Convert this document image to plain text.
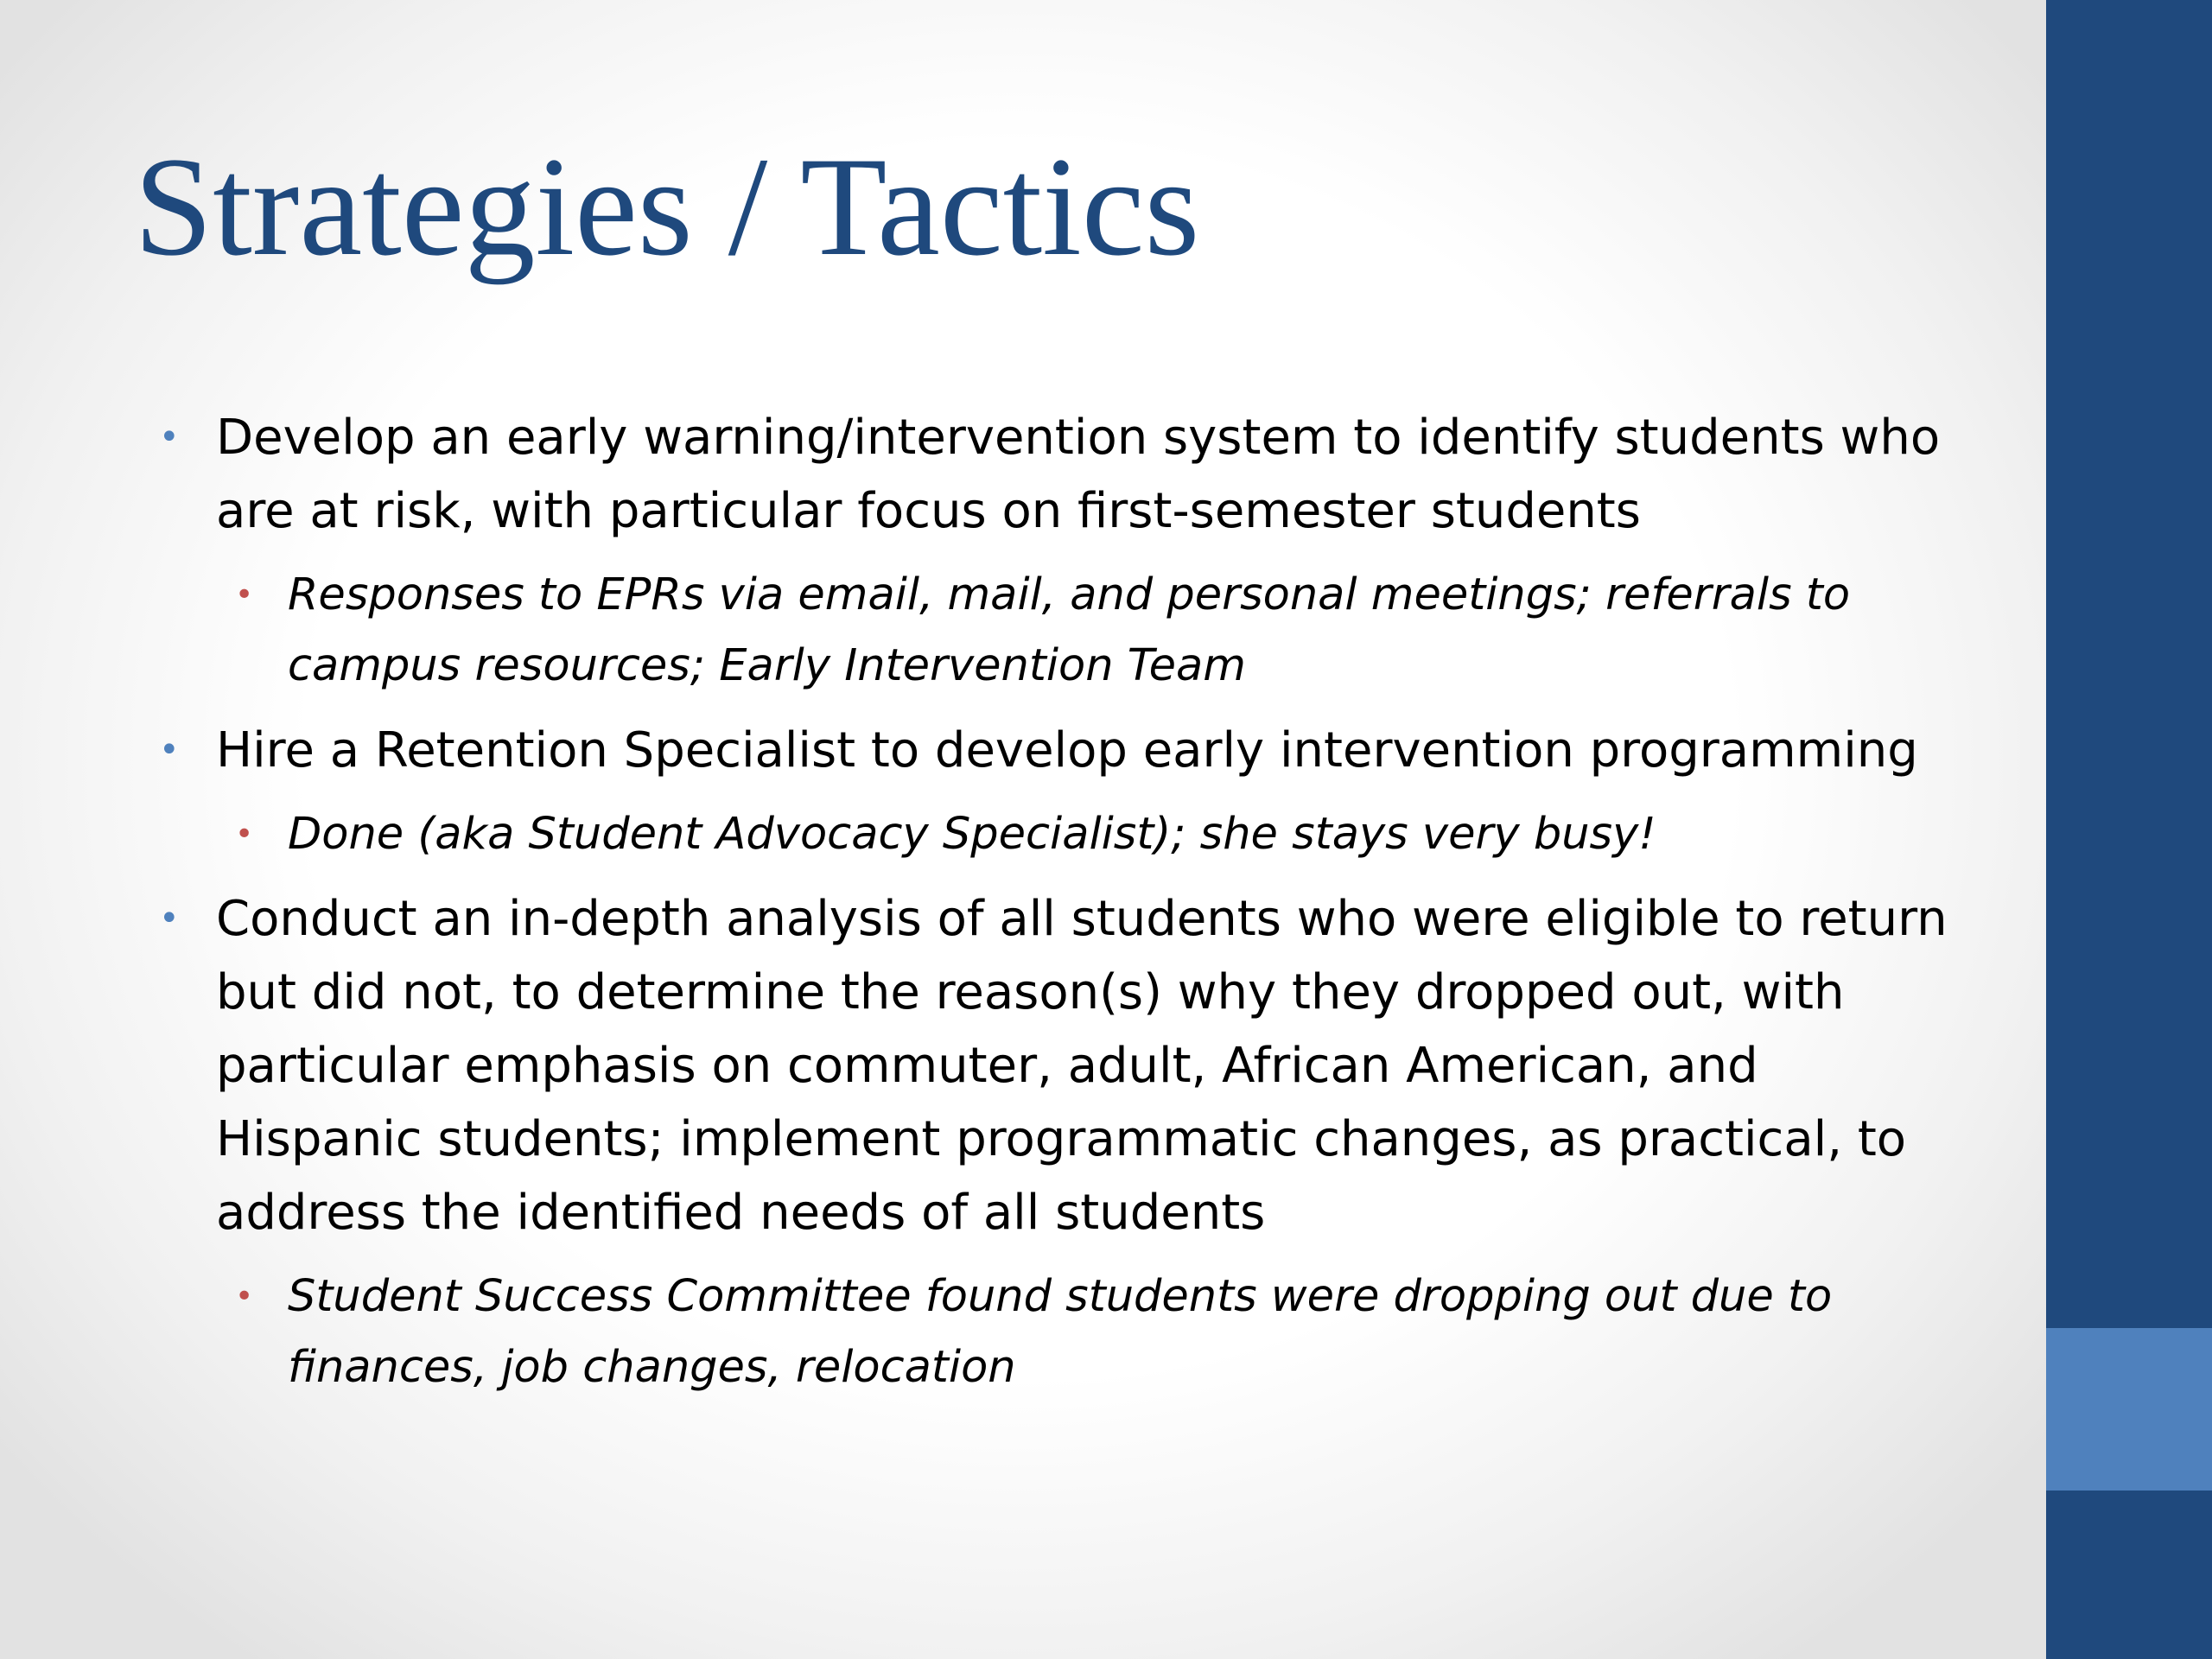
Strategies / Tactics
• Develop an early warning/intervention system to identify students who are at risk, with particular focus on first-semester students
• Responses to EPRs via email, mail, and personal meetings; referrals to campus resources; Early Intervention Team
• Hire a Retention Specialist to develop early intervention programming
• Done (aka Student Advocacy Specialist); she stays very busy!
• Conduct an in-depth analysis of all students who were eligible to return but did not, to determine the reason(s) why they dropped out, with particular emphasis on commuter, adult, African American, and Hispanic students; implement programmatic changes, as practical, to address the identified needs of all students
• Student Success Committee found students were dropping out due to finances, job changes, relocation
